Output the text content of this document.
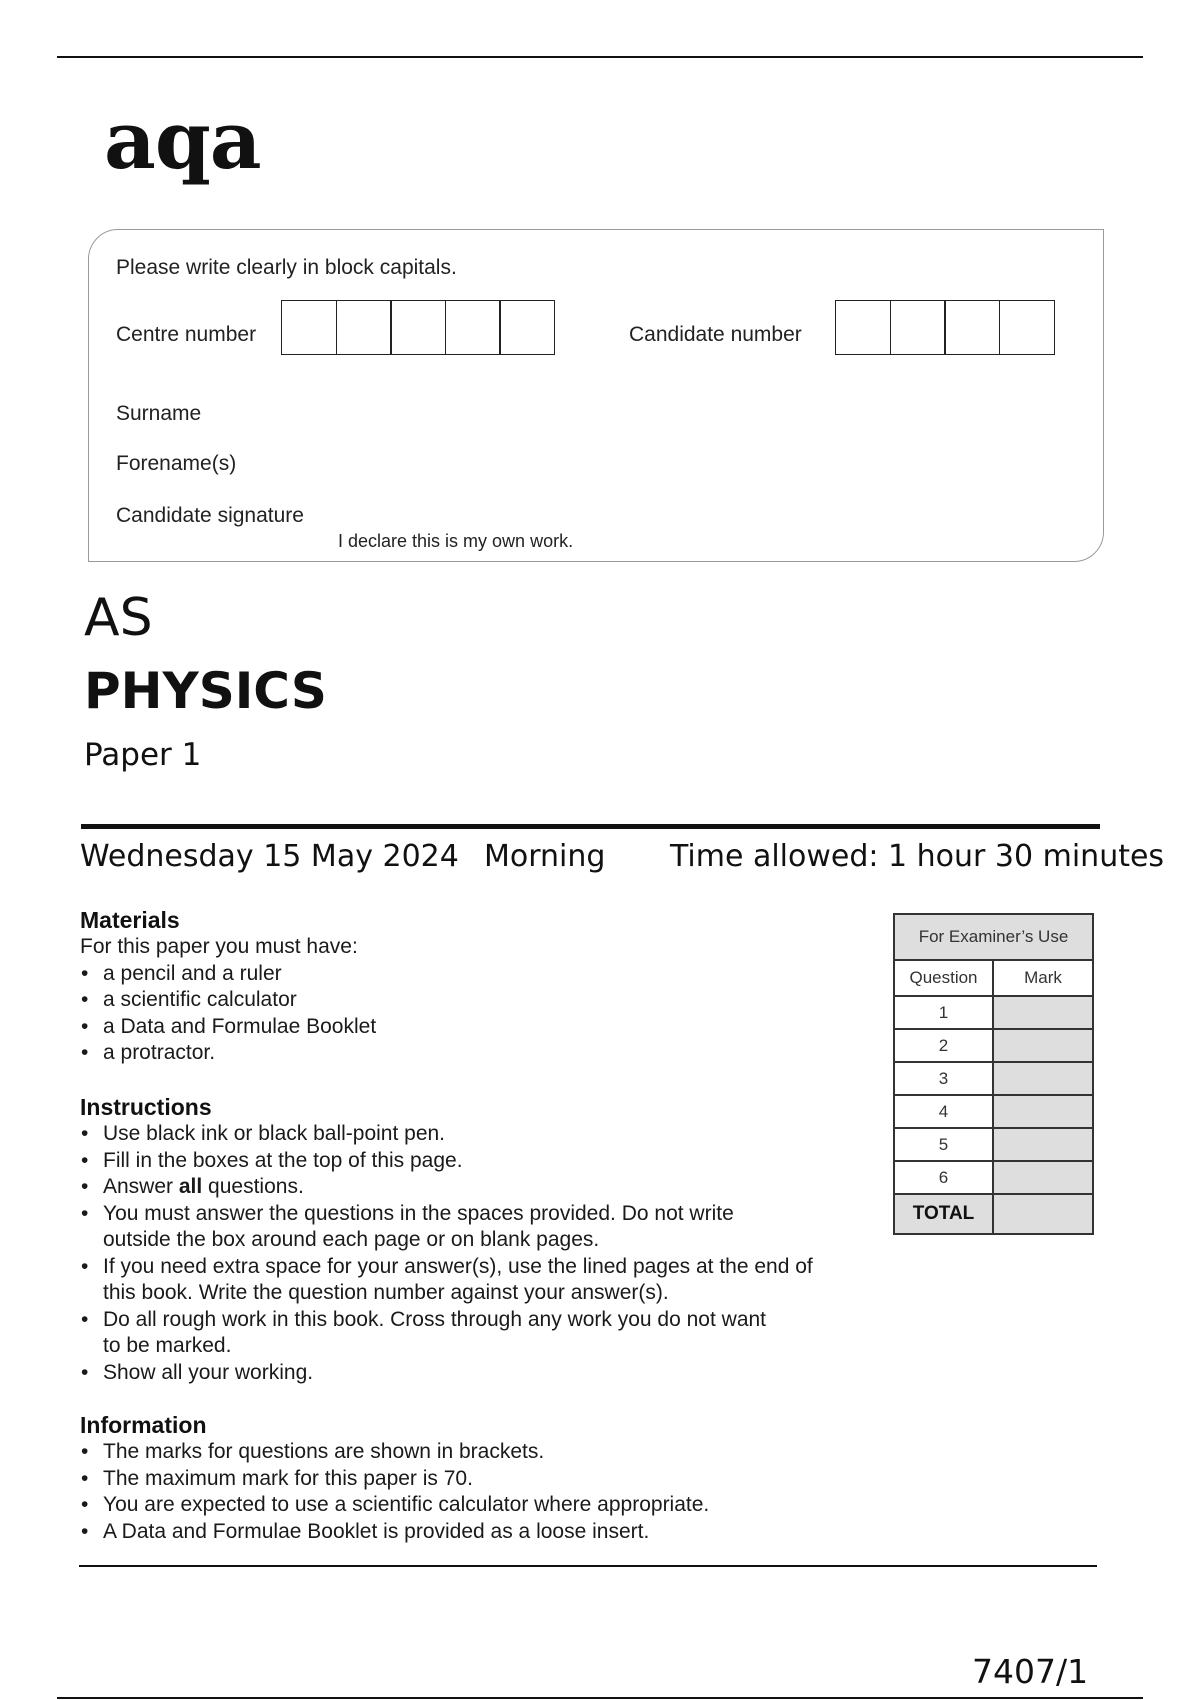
aqa
Please write clearly in block capitals.
Centre number	Candidate number
Surname
Forename(s)
Candidate signature
I declare this is my own work.
AS
PHYSICS
Paper 1
Wednesday 15 May 2024 Morning Time allowed: 1 hour 30 minutes
Materials

For this paper you must have:

• a pencil and a ruler
• a scientific calculator
• a Data and Formulae Booklet
• a protractor.
Instructions
• Use black ink or black ball-point pen.
• Fill in the boxes at the top of this page.
• Answer all questions.
• You must answer the questions in the spaces provided. Do not write
outside the box around each page or on blank pages.
• If you need extra space for your answer(s), use the lined pages at the end of
this book. Write the question number against your answer(s).
• Do all rough work in this book. Cross through any work you do not want
to be marked.
• Show all your working.
Information
• The marks for questions are shown in brackets.
• The maximum mark for this paper is 70.
• You are expected to use a scientific calculator where appropriate.
• A Data and Formulae Booklet is provided as a loose insert.
For Examiner’s Use	
Question	Mark
1	
2	
3	
4	
5	
6	
TOTAL	
7407/1
